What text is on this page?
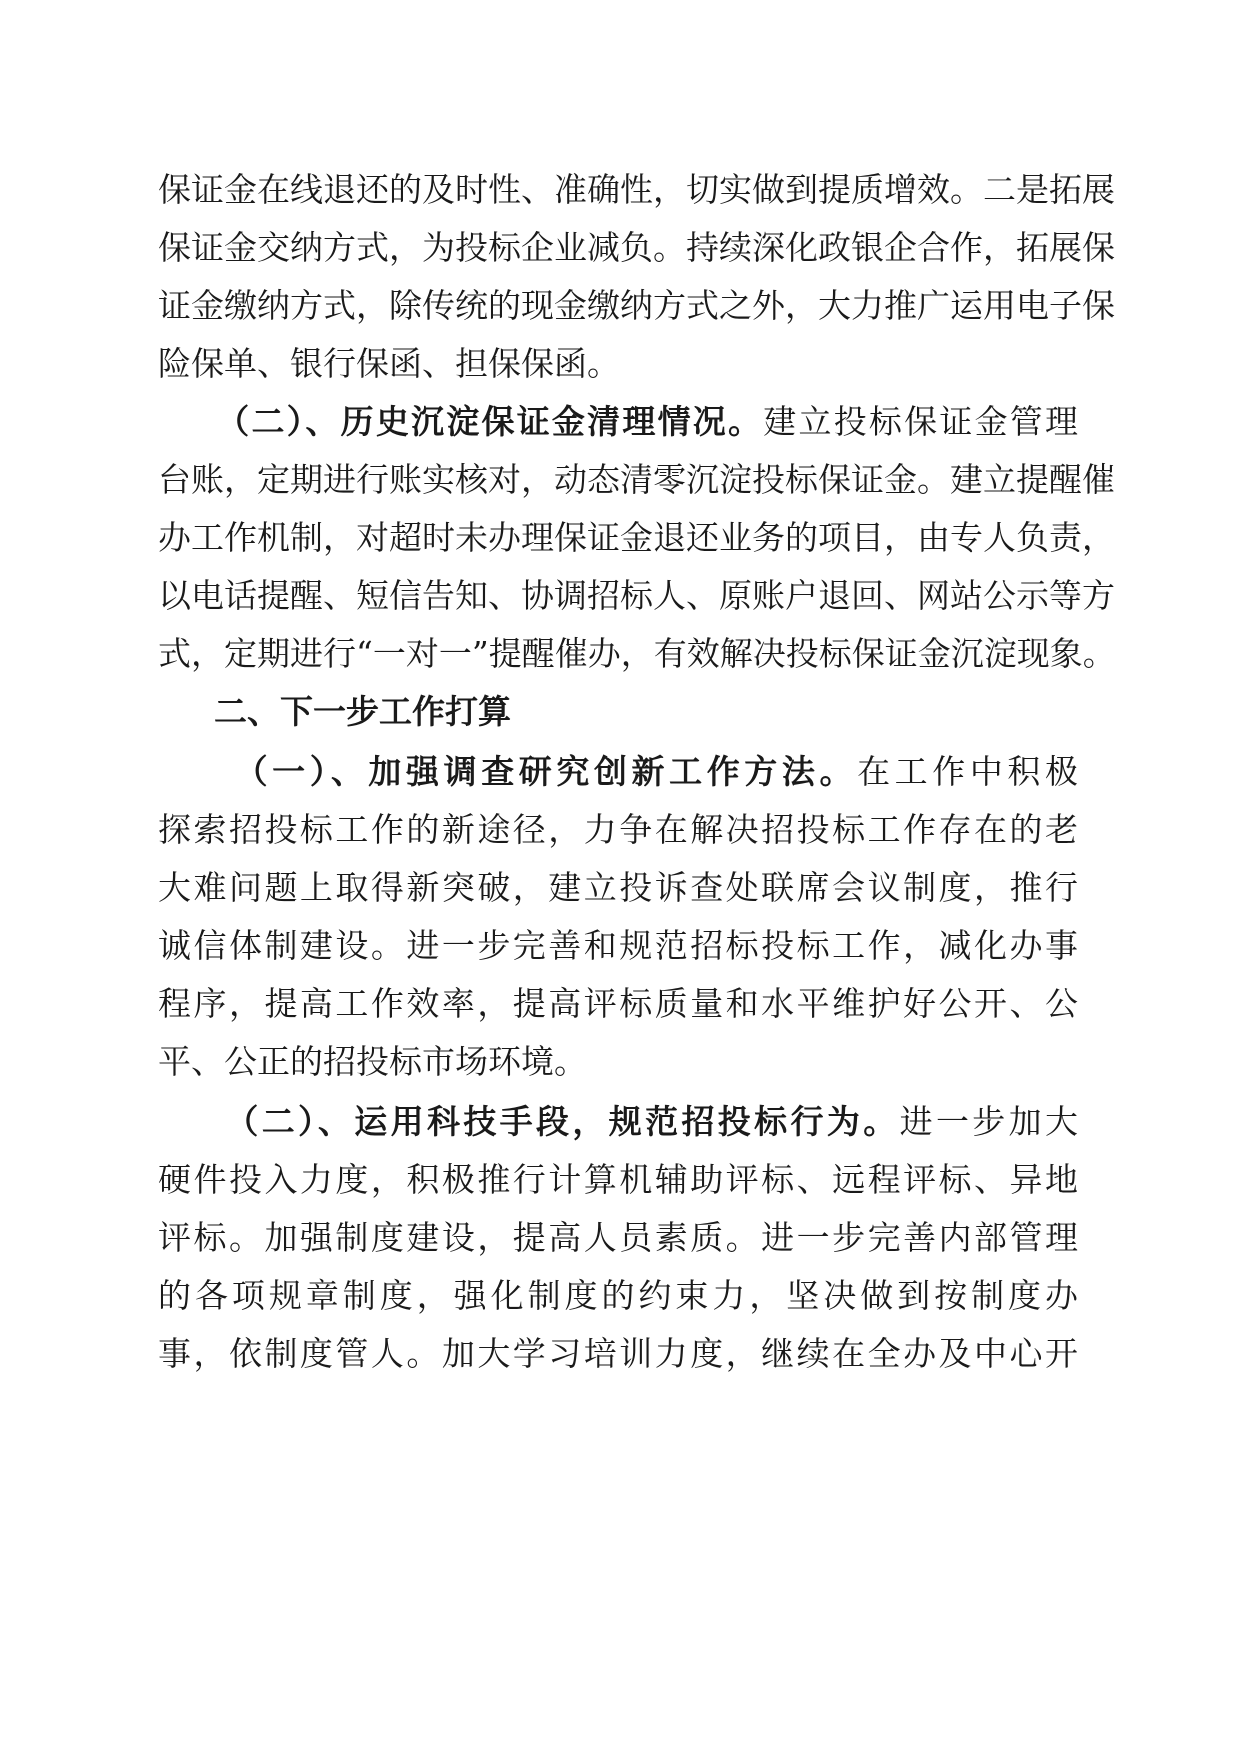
保证金在线退还的及时性、准确性，切实做到提质增效。二是拓展
保证金交纳方式，为投标企业减负。持续深化政银企合作，拓展保
证金缴纳方式，除传统的现金缴纳方式之外，大力推广运用电子保
险保单、银行保函、担保保函。
（二）、历史沉淀保证金清理情况。建立投标保证金管理
台账，定期进行账实核对，动态清零沉淀投标保证金。建立提醒催
办工作机制，对超时未办理保证金退还业务的项目，由专人负责，
以电话提醒、短信告知、协调招标人、原账户退回、网站公示等方
式，定期进行“一对一”提醒催办，有效解决投标保证金沉淀现象。
二、下一步工作打算
（一）、加强调查研究创新工作方法。在工作中积极
探索招投标工作的新途径，力争在解决招投标工作存在的老
大难问题上取得新突破，建立投诉查处联席会议制度，推行
诚信体制建设。进一步完善和规范招标投标工作，减化办事
程序，提高工作效率，提高评标质量和水平维护好公开、公
平、公正的招投标市场环境。
（二）、运用科技手段，规范招投标行为。进一步加大
硬件投入力度，积极推行计算机辅助评标、远程评标、异地
评标。加强制度建设，提高人员素质。进一步完善内部管理
的各项规章制度，强化制度的约束力，坚决做到按制度办
事，依制度管人。加大学习培训力度，继续在全办及中心开
